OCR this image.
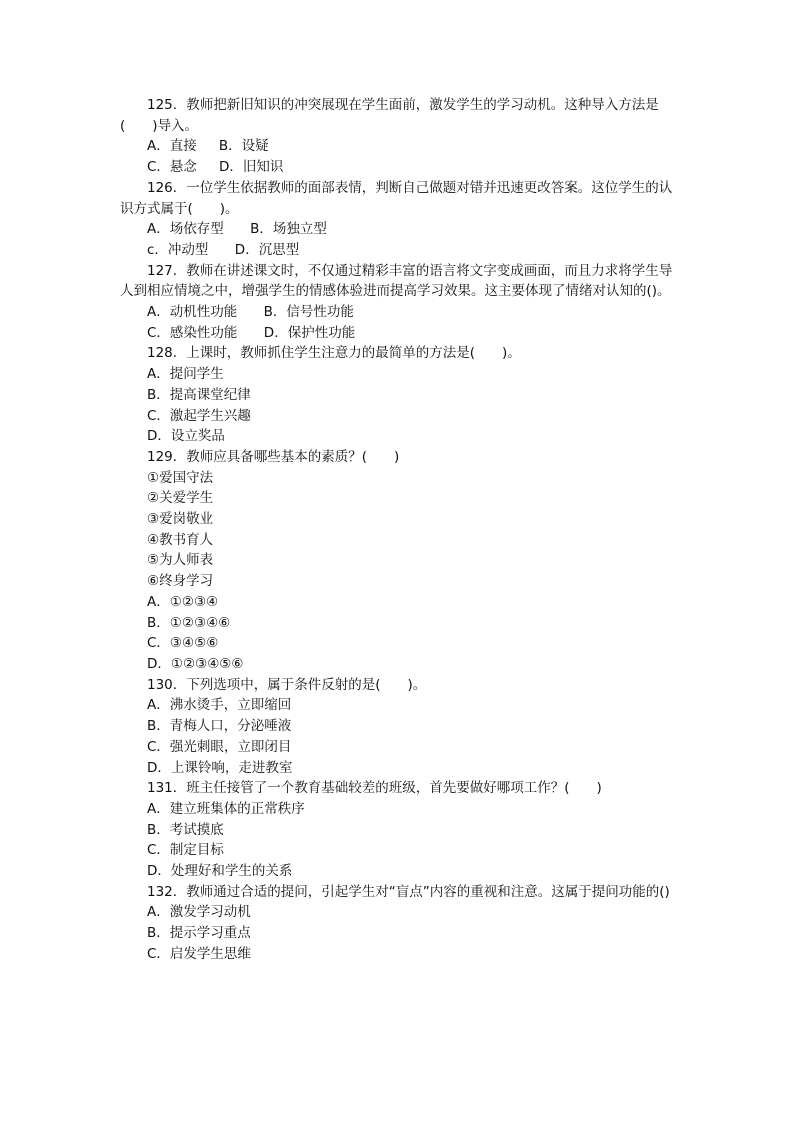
125．教师把新旧知识的冲突展现在学生面前，激发学生的学习动机。这种导入方法是(　　)导入。

A．直接　  B．设疑

C．悬念　  D．旧知识

126．一位学生依据教师的面部表情，判断自己做题对错并迅速更改答案。这位学生的认识方式属于(　　)。

A．场依存型　   B．场独立型

c．冲动型　   D．沉思型

127．教师在讲述课文时，不仅通过精彩丰富的语言将文字变成画面，而且力求将学生导人到相应情境之中，增强学生的情感体验进而提高学习效果。这主要体现了情绪对认知的()。

A．动机性功能　   B．信号性功能

C．感染性功能　   D．保护性功能

128．上课时，教师抓住学生注意力的最简单的方法是(　　)。

A．提问学生

B．提高课堂纪律

C．激起学生兴趣

D．设立奖品

129．教师应具备哪些基本的素质？(　　)

①爱国守法

②关爱学生

③爱岗敬业

④教书育人

⑤为人师表

⑥终身学习

A．①②③④

B．①②③④⑥

C．③④⑤⑥

D．①②③④⑤⑥

130．下列选项中，属于条件反射的是(　　)。

A．沸水烫手，立即缩回

B．青梅人口，分泌唾液

C．强光刺眼，立即闭目

D．上课铃响，走进教室

131．班主任接管了一个教育基础较差的班级，首先要做好哪项工作？(　　)

A．建立班集体的正常秩序

B．考试摸底

C．制定目标

D．处理好和学生的关系

132．教师通过合适的提问，引起学生对“盲点”内容的重视和注意。这属于提问功能的()

A．激发学习动机

B．提示学习重点

C．启发学生思维
